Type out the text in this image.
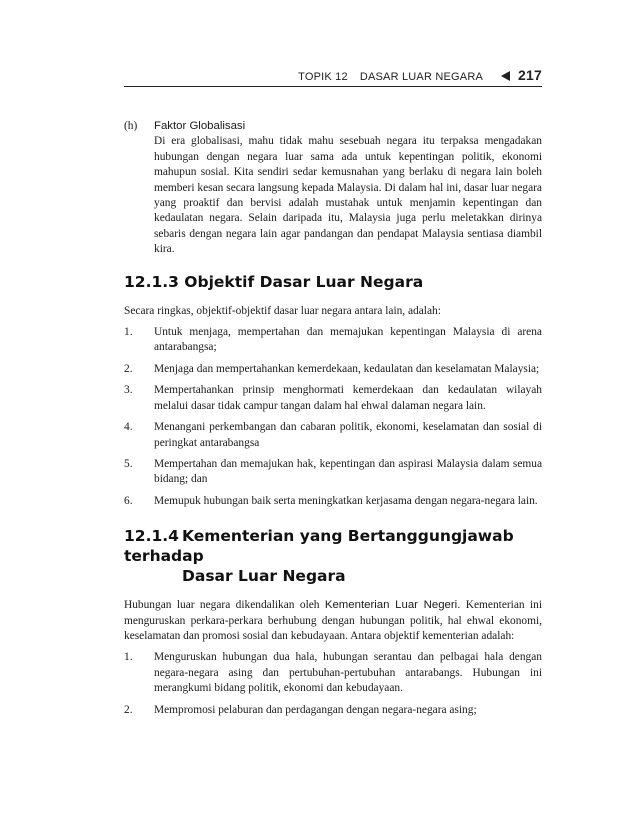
TOPIK 12 DASAR LUAR NEGARA	217
(h)	Faktor Globalisasi
Di era globalisasi, mahu tidak mahu sesebuah negara itu terpaksa mengadakan hubungan dengan negara luar sama ada untuk kepentingan politik, ekonomi mahupun sosial. Kita sendiri sedar kemusnahan yang berlaku di negara lain boleh memberi kesan secara langsung kepada Malaysia. Di dalam hal ini, dasar luar negara yang proaktif dan bervisi adalah mustahak untuk menjamin kepentingan dan kedaulatan negara. Selain daripada itu, Malaysia juga perlu meletakkan dirinya sebaris dengan negara lain agar pandangan dan pendapat Malaysia sentiasa diambil kira.
12.1.3 Objektif Dasar Luar Negara

Secara ringkas, objektif-objektif dasar luar negara antara lain, adalah:

1.	Untuk menjaga, mempertahan dan memajukan kepentingan Malaysia di arena antarabangsa;
2.	Menjaga dan mempertahankan kemerdekaan, kedaulatan dan keselamatan Malaysia;
3.	Mempertahankan prinsip menghormati kemerdekaan dan kedaulatan wilayah melalui dasar tidak campur tangan dalam hal ehwal dalaman negara lain.
4.	Menangani perkembangan dan cabaran politik, ekonomi, keselamatan dan sosial di peringkat antarabangsa
5.	Mempertahan dan memajukan hak, kepentingan dan aspirasi Malaysia dalam semua bidang; dan
6.	Memupuk hubungan baik serta meningkatkan kerjasama dengan negara-negara lain.
12.1.4 Kementerian yang Bertanggungjawab terhadap
Dasar Luar Negara

Hubungan luar negara dikendalikan oleh Kementerian Luar Negeri. Kementerian ini menguruskan perkara-perkara berhubung dengan hubungan politik, hal ehwal ekonomi, keselamatan dan promosi sosial dan kebudayaan. Antara objektif kementerian adalah:

1.	Menguruskan hubungan dua hala, hubungan serantau dan pelbagai hala dengan negara-negara asing dan pertubuhan-pertubuhan antarabangs. Hubungan ini merangkumi bidang politik, ekonomi dan kebudayaan.
2.	Mempromosi pelaburan dan perdagangan dengan negara-negara asing;
